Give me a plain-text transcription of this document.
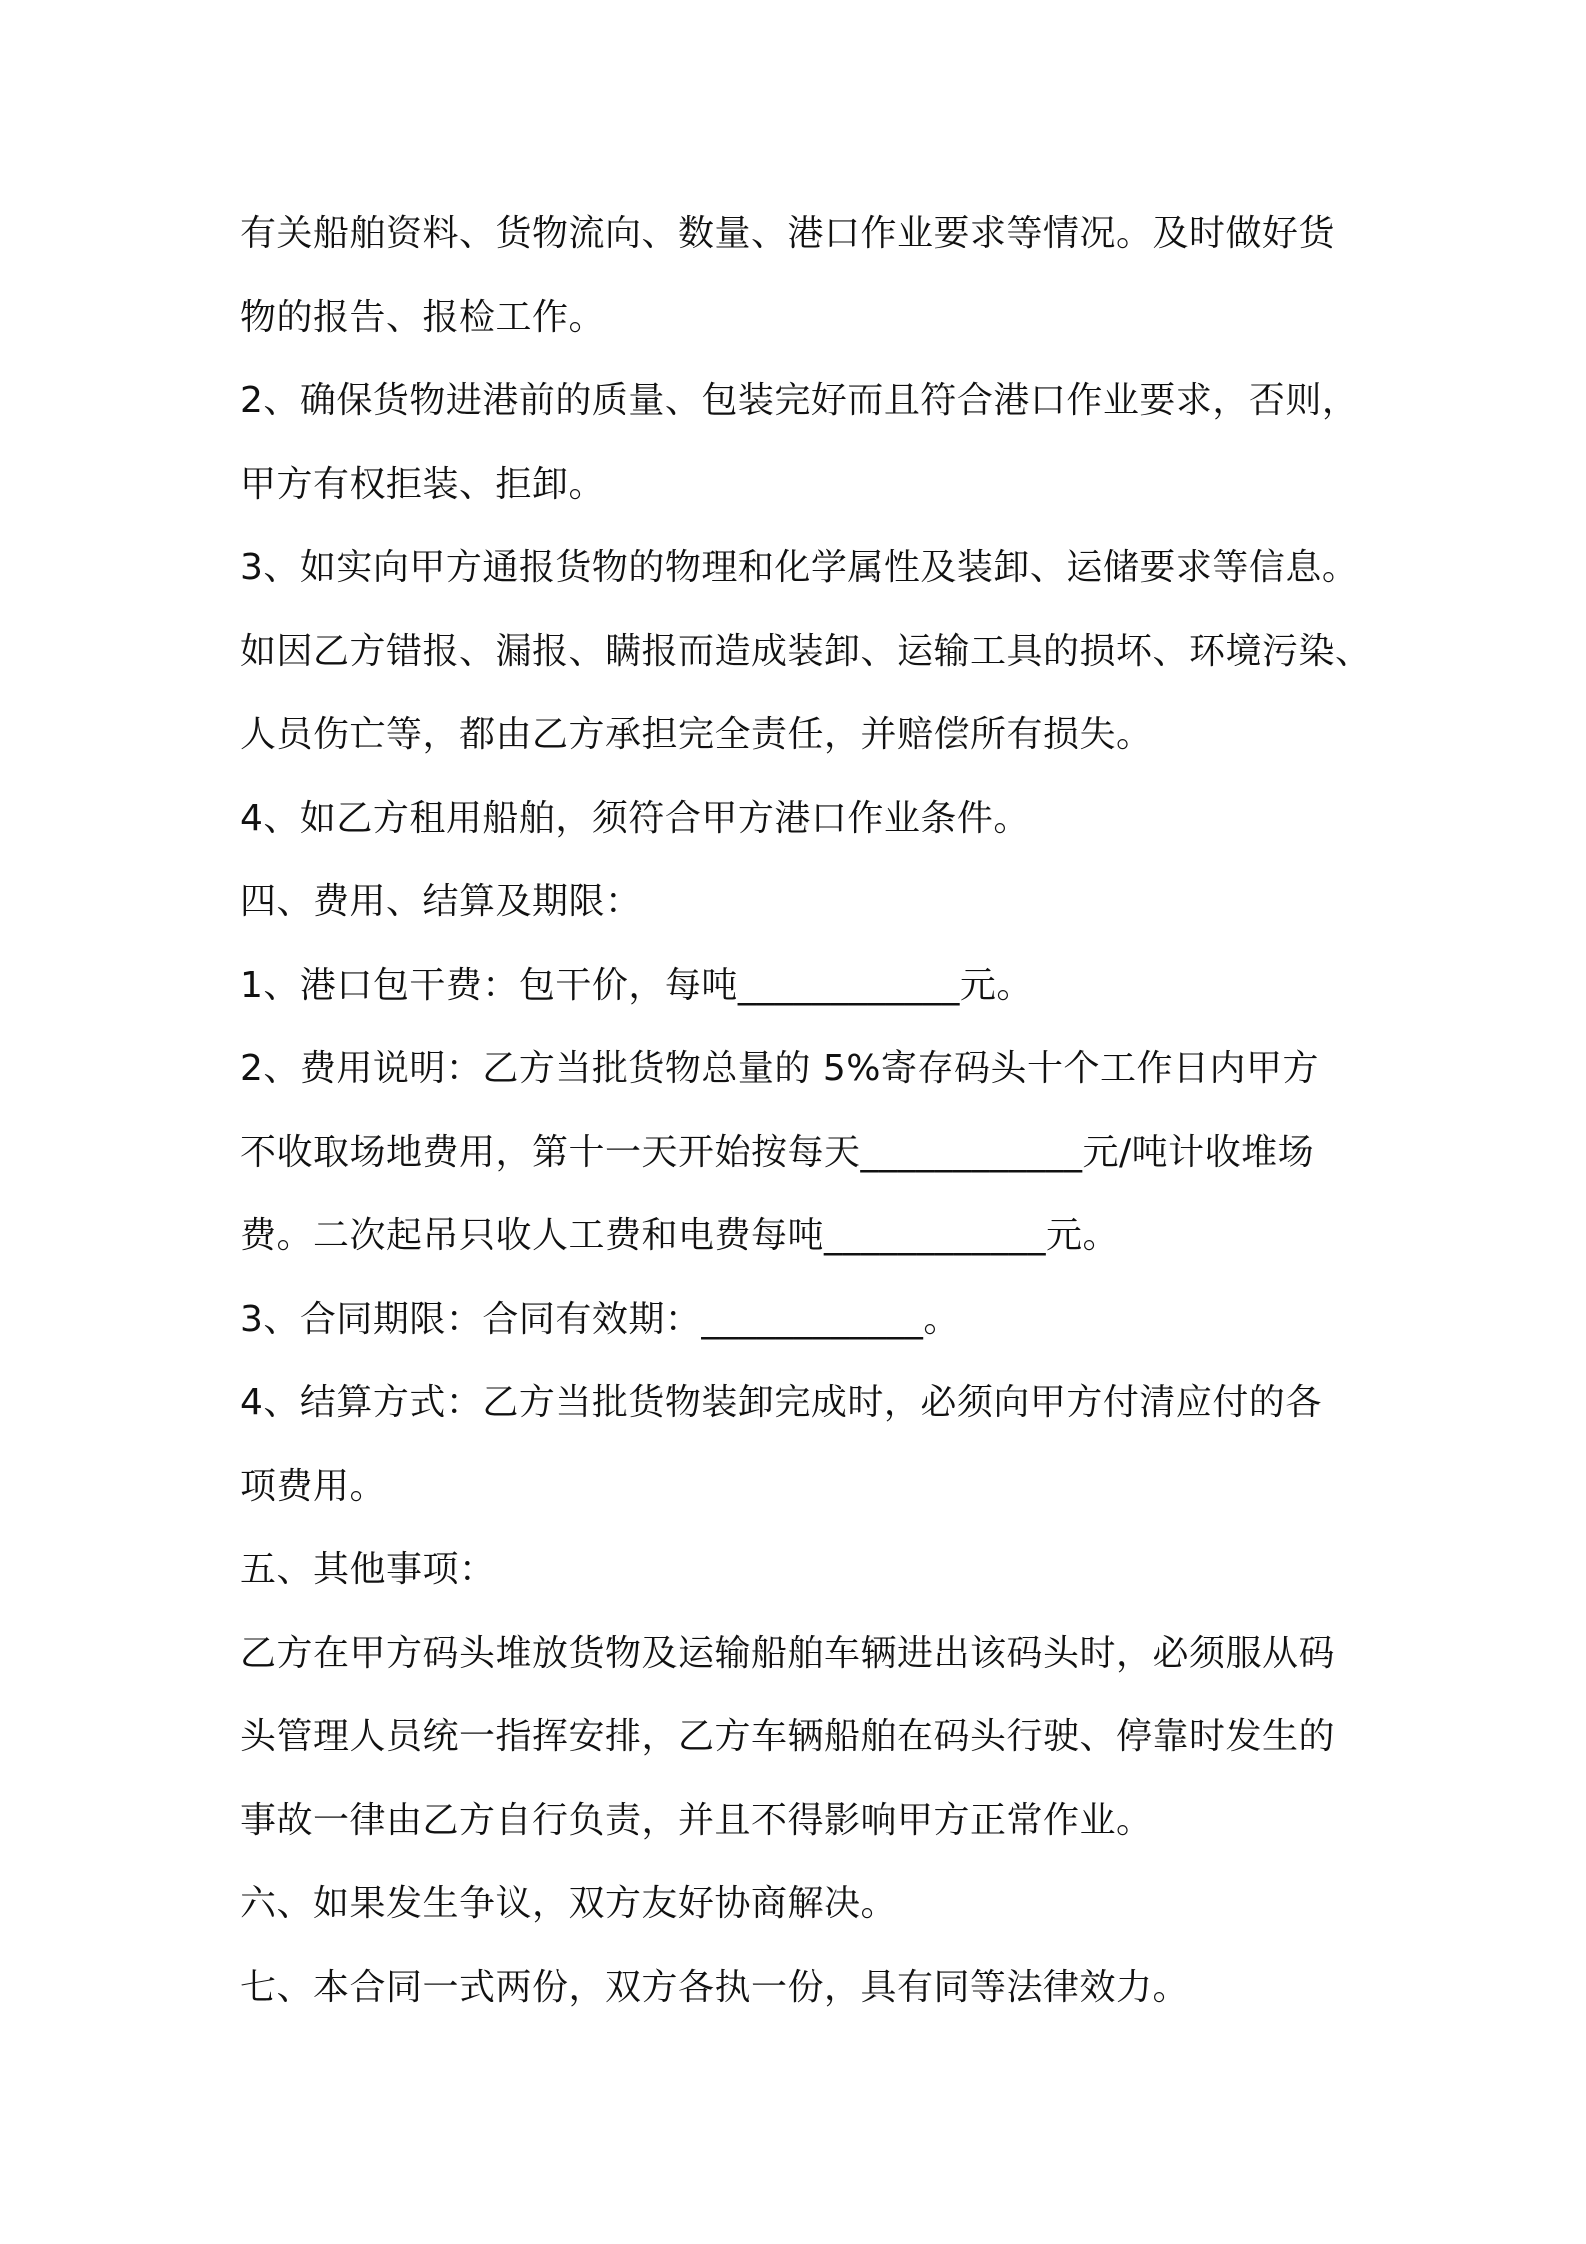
有关船舶资料、货物流向、数量、港口作业要求等情况。及时做好货
物的报告、报检工作。
2、确保货物进港前的质量、包装完好而且符合港口作业要求，否则，
甲方有权拒装、拒卸。
3、如实向甲方通报货物的物理和化学属性及装卸、运储要求等信息。
如因乙方错报、漏报、瞒报而造成装卸、运输工具的损坏、环境污染、
人员伤亡等，都由乙方承担完全责任，并赔偿所有损失。
4、如乙方租用船舶，须符合甲方港口作业条件。
四、费用、结算及期限：
1、港口包干费：包干价，每吨____________元。
2、费用说明：乙方当批货物总量的 5%寄存码头十个工作日内甲方
不收取场地费用，第十一天开始按每天____________元/吨计收堆场
费。二次起吊只收人工费和电费每吨____________元。
3、合同期限：合同有效期：____________。
4、结算方式：乙方当批货物装卸完成时，必须向甲方付清应付的各
项费用。
五、其他事项：
乙方在甲方码头堆放货物及运输船舶车辆进出该码头时，必须服从码
头管理人员统一指挥安排，乙方车辆船舶在码头行驶、停靠时发生的
事故一律由乙方自行负责，并且不得影响甲方正常作业。
六、如果发生争议，双方友好协商解决。
七、本合同一式两份，双方各执一份，具有同等法律效力。
